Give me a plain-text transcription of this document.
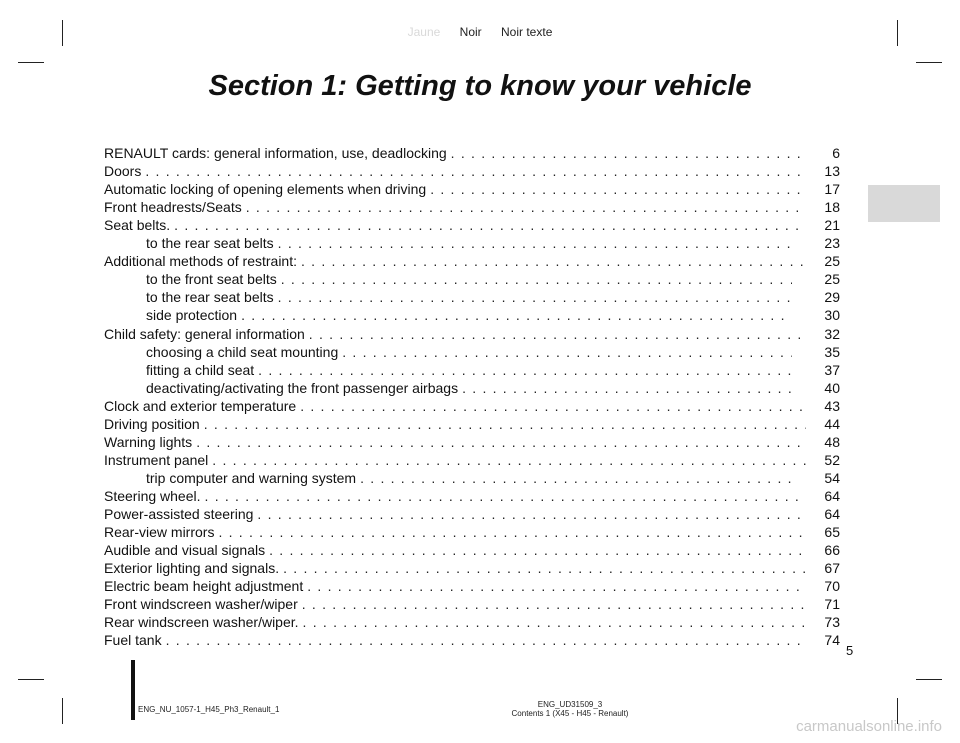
Jaune Noir Noir texte
Section 1: Getting to know your vehicle
RENAULT cards: general information, use, deadlocking . . .	6
Doors . . .	13
Automatic locking of opening elements when driving . . .	17
Front headrests/Seats . . .	18
Seat belts. . . .	21
to the rear seat belts . . .	23
Additional methods of restraint: . . .	25
to the front seat belts . . .	25
to the rear seat belts . . .	29
side protection . . .	30
Child safety: general information . . .	32
choosing a child seat mounting . . .	35
fitting a child seat . . .	37
deactivating/activating the front passenger airbags . . .	40
Clock and exterior temperature . . .	43
Driving position . . .	44
Warning lights . . .	48
Instrument panel . . .	52
trip computer and warning system . . .	54
Steering wheel. . . .	64
Power-assisted steering . . .	64
Rear-view mirrors . . .	65
Audible and visual signals . . .	66
Exterior lighting and signals. . . .	67
Electric beam height adjustment . . .	70
Front windscreen washer/wiper . . .	71
Rear windscreen washer/wiper. . . .	73
Fuel tank . . .	74
5
ENG_NU_1057-1_H45_Ph3_Renault_1
ENG_UD31509_3
Contents 1 (X45 - H45 - Renault)
carmanualsonline.info
